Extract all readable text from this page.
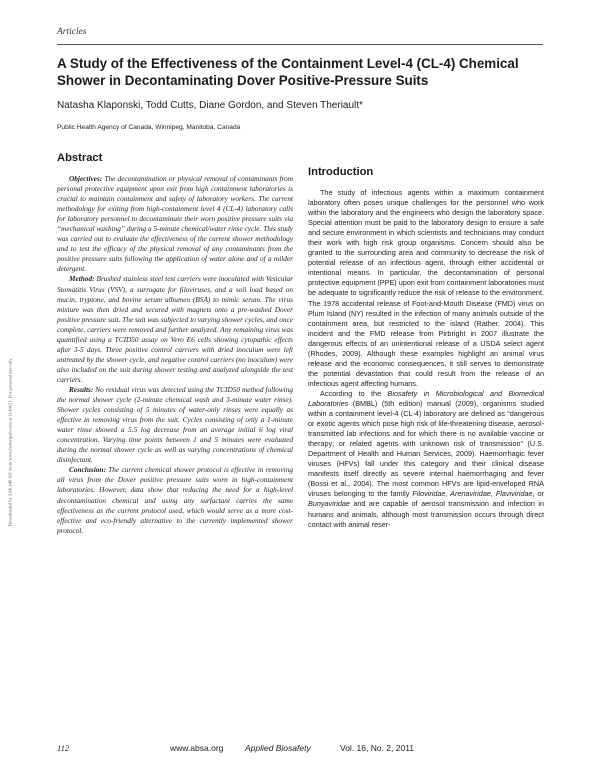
Articles
A Study of the Effectiveness of the Containment Level-4 (CL-4) Chemical Shower in Decontaminating Dover Positive-Pressure Suits
Natasha Klaponski, Todd Cutts, Diane Gordon, and Steven Theriault*
Public Health Agency of Canada, Winnipeg, Manitoba, Canada
Downloaded by 3.80.140.101 from www.liebertpub.com at 11/04/21. For personal use only.
Abstract

Objectives: The decontamination or physical removal of contaminants from personal protective equipment upon exit from high containment laboratories is crucial to maintain containment and safety of laboratory workers. The current methodology for exiting from high-containment level 4 (CL-4) laboratory calls for laboratory personnel to decontaminate their worn positive pressure suits via “mechanical washing” during a 5-minute chemical/water rinse cycle. This study was carried out to evaluate the effectiveness of the current shower methodology and to test the efficacy of the physical removal of any contaminants from the positive pressure suits following the application of water alone and of a milder detergent.

Method: Brushed stainless steel test carriers were inoculated with Vesicular Stomatitis Virus (VSV), a surrogate for filoviruses, and a soil load based on mucin, tryptone, and bovine serum albumen (BSA) to mimic serum. The virus mixture was then dried and secured with magnets onto a pre-washed Dover positive pressure suit. The suit was subjected to varying shower cycles, and once complete, carriers were removed and further analyzed. Any remaining virus was quantified using a TCID50 assay on Vero E6 cells showing cytopathic effects after 3-5 days. Three positive control carriers with dried inoculum were left untreated by the shower cycle, and negative control carriers (no inoculum) were also included on the suit during shower testing and analyzed alongside the test carriers.

Results: No residual virus was detected using the TCID50 method following the normal shower cycle (2-minute chemical wash and 3-minute water rinse). Shower cycles consisting of 5 minutes of water-only rinses were equally as effective in removing virus from the suit. Cycles consisting of only a 1-minute water rinse showed a 5.5 log decrease from an average initial 6 log viral concentration. Varying time points between 1 and 5 minutes were evaluated during the normal shower cycle as well as varying concentrations of chemical disinfectant.

Conclusion: The current chemical shower protocol is effective in removing all virus from the Dover positive pressure suits worn in high-containment laboratories. However, data show that reducing the need for a high-level decontamination chemical and using any surfactant carries the same effectiveness as the current protocol used, which would serve as a more cost-effective and eco-friendly alternative to the currently implemented shower protocol.

Introduction

The study of infectious agents within a maximum containment laboratory often poses unique challenges for the personnel who work within the laboratory and the engineers who design the laboratory space. Special attention must be paid to the laboratory design to ensure a safe and secure environment in which scientists and technicians may conduct their work with high risk group organisms. Concern should also be granted to the surrounding area and community to decrease the risk of potential release of an infectious agent, through either accidental or intentional means. In particular, the decontamination of personal protective equipment (PPE) upon exit from containment laboratories must be adequate to significantly reduce the risk of release to the environment. The 1978 accidental release of Foot-and-Mouth Disease (FMD) virus on Plum Island (NY) resulted in the infection of many animals outside of the containment area, but restricted to the island (Rather, 2004). This incident and the FMD release from Pirbright in 2007 illustrate the dangerous effects of an unintentional release of a USDA select agent (Rhodes, 2009). Although these examples highlight an animal virus release and the economic consequences, it still serves to demonstrate the potential devastation that could result from the release of an infectious agent affecting humans.

According to the Biosafety in Microbiological and Biomedical Laboratories (BMBL) (5th edition) manual (2009), organisms studied within a containment level-4 (CL-4) laboratory are defined as “dangerous or exotic agents which pose high risk of life-threatening disease, aerosol-transmitted lab infections and for which there is no available vaccine or therapy; or related agents with unknown risk of transmission” (U.S. Department of Health and Human Services, 2009). Haemorrhagic fever viruses (HFVs) fall under this category and their clinical disease manifests itself directly as severe internal haemorrhaging and fever (Bossi et al., 2004). The most common HFVs are lipid-enveloped RNA viruses belonging to the family Filoviridae, Arenaviridae, Flaviviridae, or Bunyaviridae and are capable of aerosol transmission and infection in humans and animals, although most transmission occurs through direct contact with animal reser-

112	www.absa.org	Applied Biosafety	Vol. 16, No. 2, 2011
